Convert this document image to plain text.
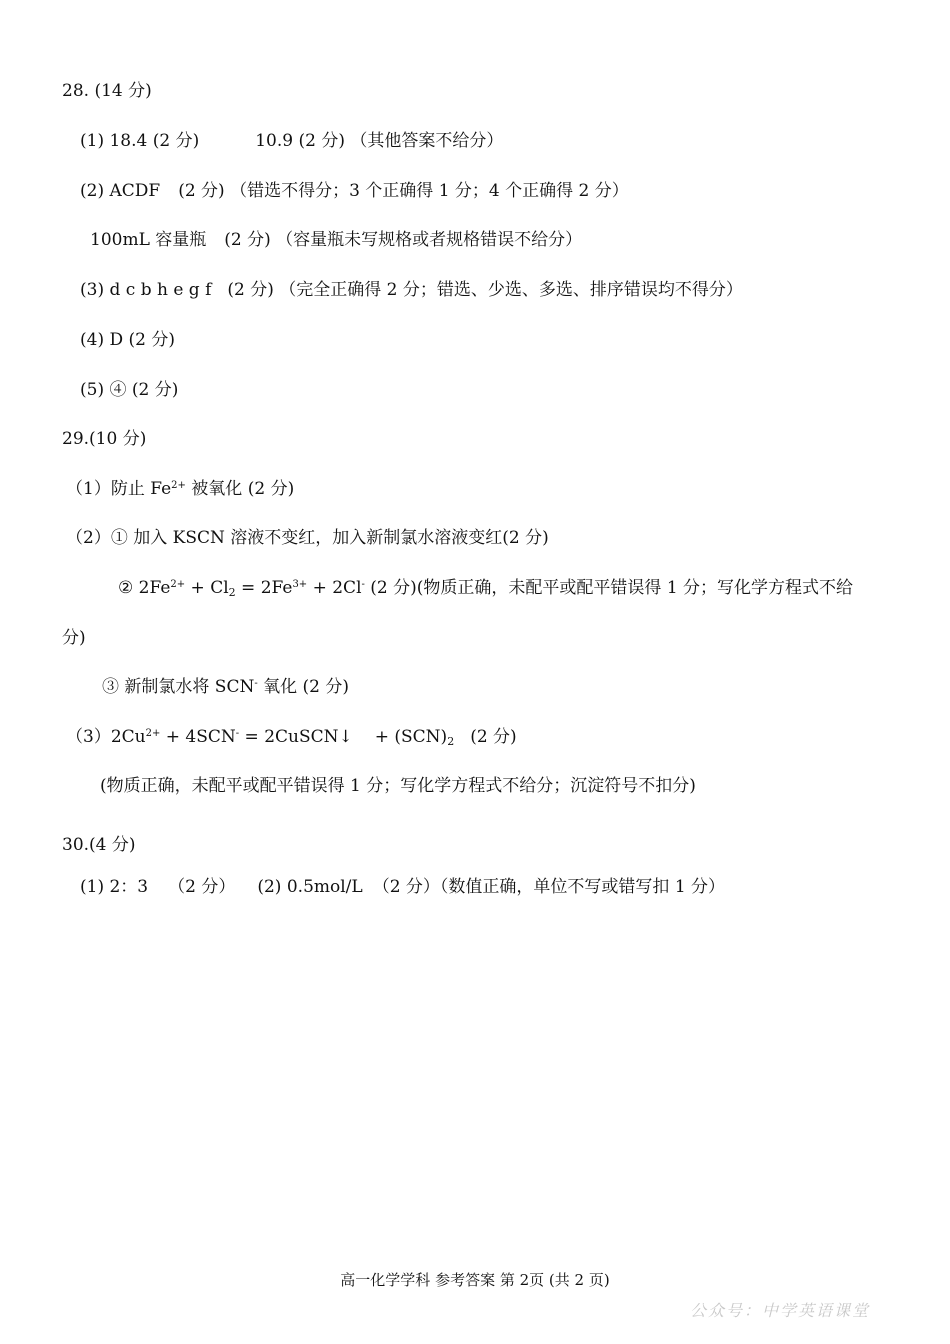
28. (14 分)
(1) 18.4 (2 分)	10.9 (2 分) （其他答案不给分）
(2) ACDF (2 分) （错选不得分；3 个正确得 1 分；4 个正确得 2 分）
100mL 容量瓶 (2 分) （容量瓶未写规格或者规格错误不给分）
(3) d c b h e g f (2 分) （完全正确得 2 分；错选、少选、多选、排序错误均不得分）
(4) D (2 分)
(5) ④ (2 分)
29.(10 分)
（1）防止 $Fe^{2+}$ 被氧化 (2 分)
（2）① 加入 KSCN 溶液不变红，加入新制氯水溶液变红(2 分)
② $2Fe^{2+} + Cl_2 = 2Fe^{3+} + 2Cl^-$ (2 分)(物质正确，未配平或配平错误得 1 分；写化学方程式不给
分)
③ 新制氯水将 SCN- 氧化 (2 分)
$(3)2Cu^{2+} + 4SCN^-$ = 2CuSCN↓ + $(SCN)_2$ (2 分)
(物质正确，未配平或配平错误得 1 分；写化学方程式不给分；沉淀符号不扣分)
30.(4 分)
(1) 2：3 （2 分） (2) 0.5mol/L （2 分）（数值正确，单位不写或错写扣 1 分）
高一化学学科 参考答案 第 2页 (共 2 页)
公众号：中学英语课堂
